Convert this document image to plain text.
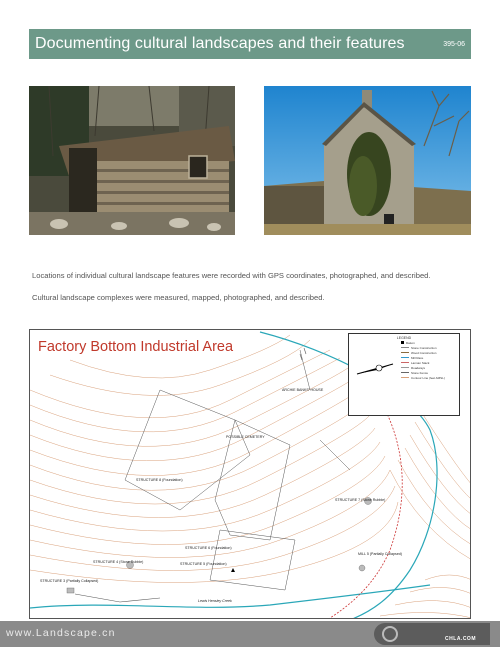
Documenting cultural landscapes and their features	395-06
Locations of individual cultural landscape features were recorded with GPS coordinates, photographed, and described.
Cultural landscape complexes were measured, mapped, photographed, and described.
Factory Bottom Industrial Area
LEGEND
Datum
Stone Construction
Wood Construction
Mill Race
Lannan Stack
Roadways
Stone Fence
Contour Line (feet AMSL)
ARCHIE BANKS' HOUSE
POSSIBLE CEMETERY
STRUCTURE 8 (Foundation)
STRUCTURE 7 (Stone Rubble)
STRUCTURE 6 (Foundation)
STRUCTURE 5 (Foundation)
STRUCTURE 4 (Stone Rubble)
STRUCTURE 3 (Partially Collapsed)
MILL 5 (Partially Collapsed)
Lewis Hensley Creek
www.Landscape.cn	CHLA.COM
